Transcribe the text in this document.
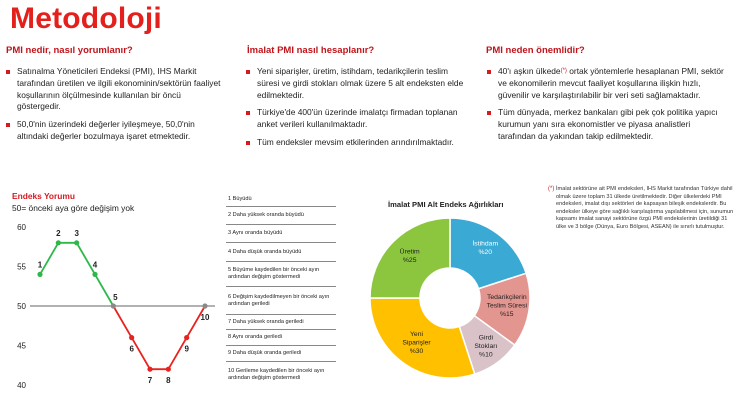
Metodoloji
PMI nedir, nasıl yorumlanır?	İmalat PMI nasıl hesaplanır?	PMI neden önemlidir?
Satınalma Yöneticileri Endeksi (PMI), IHS Markit tarafından üretilen ve ilgili ekonominin/sektörün faaliyet koşullarının ölçülmesinde kullanılan bir öncü göstergedir.
50,0'nin üzerindeki değerler iyileşmeye, 50,0'nin altındaki değerler bozulmaya işaret etmektedir.
Yeni siparişler, üretim, istihdam, tedarikçilerin teslim süresi ve girdi stokları olmak üzere 5 alt endeksten elde edilmektedir.
Türkiye'de 400'ün üzerinde imalatçı firmadan toplanan anket verileri kullanılmaktadır.
Tüm endeksler mevsim etkilerinden arındırılmaktadır.
40'ı aşkın ülkede(*) ortak yöntemlerle hesaplanan PMI, sektör ve ekonomilerin mevcut faaliyet koşullarına ilişkin hızlı, güvenilir ve karşılaştırılabilir bir veri seti sağlamaktadır.
Tüm dünyada, merkez bankaları gibi pek çok politika yapıcı kurumun yanı sıra ekonomistler ve piyasa analistleri tarafından da yakından takip edilmektedir.
Endeks Yorumu
50= önceki aya göre değişim yok
40
45
50
55
60
1
2 3
4
5
6
7 8
9
10
1 Büyüdü
2 Daha yüksek oranda büyüdü
3 Aynı oranda büyüdü
4 Daha düşük oranda büyüdü
5 Büyüme kaydedilen bir önceki ayın ardından değişim göstermedi
6 Değişim kaydedilmeyen bir önceki ayın ardından geriledi
7 Daha yüksek oranda geriledi
8 Aynı oranda geriledi
9 Daha düşük oranda geriledi
10 Gerileme kaydedilen bir önceki ayın ardından değişim göstermedi
İmalat PMI Alt Endeks Ağırlıkları
İstihdam %20
Tedarikçilerin Teslim Süresi %15
Girdi Stokları %10
Yeni Siparişler %30
Üretim %25
(*) İmalat sektörüne ait PMI endeksleri, IHS Markit tarafından Türkiye dahil olmak üzere toplam 31 ülkede üretilmektedir. Diğer ülkelerdeki PMI endeksleri, imalat dışı sektörleri de kapsayan bileşik endekslerdir. Bu endeksler ülkeye göre sağlıklı karşılaştırma yapılabilmesi için, sunumun kapsamı imalat sanayi sektörüne özgü PMI endekslerinin üretildiği 31 ülke ve 3 bölge (Dünya, Euro Bölgesi, ASEAN) ile sınırlı tutulmuştur.
